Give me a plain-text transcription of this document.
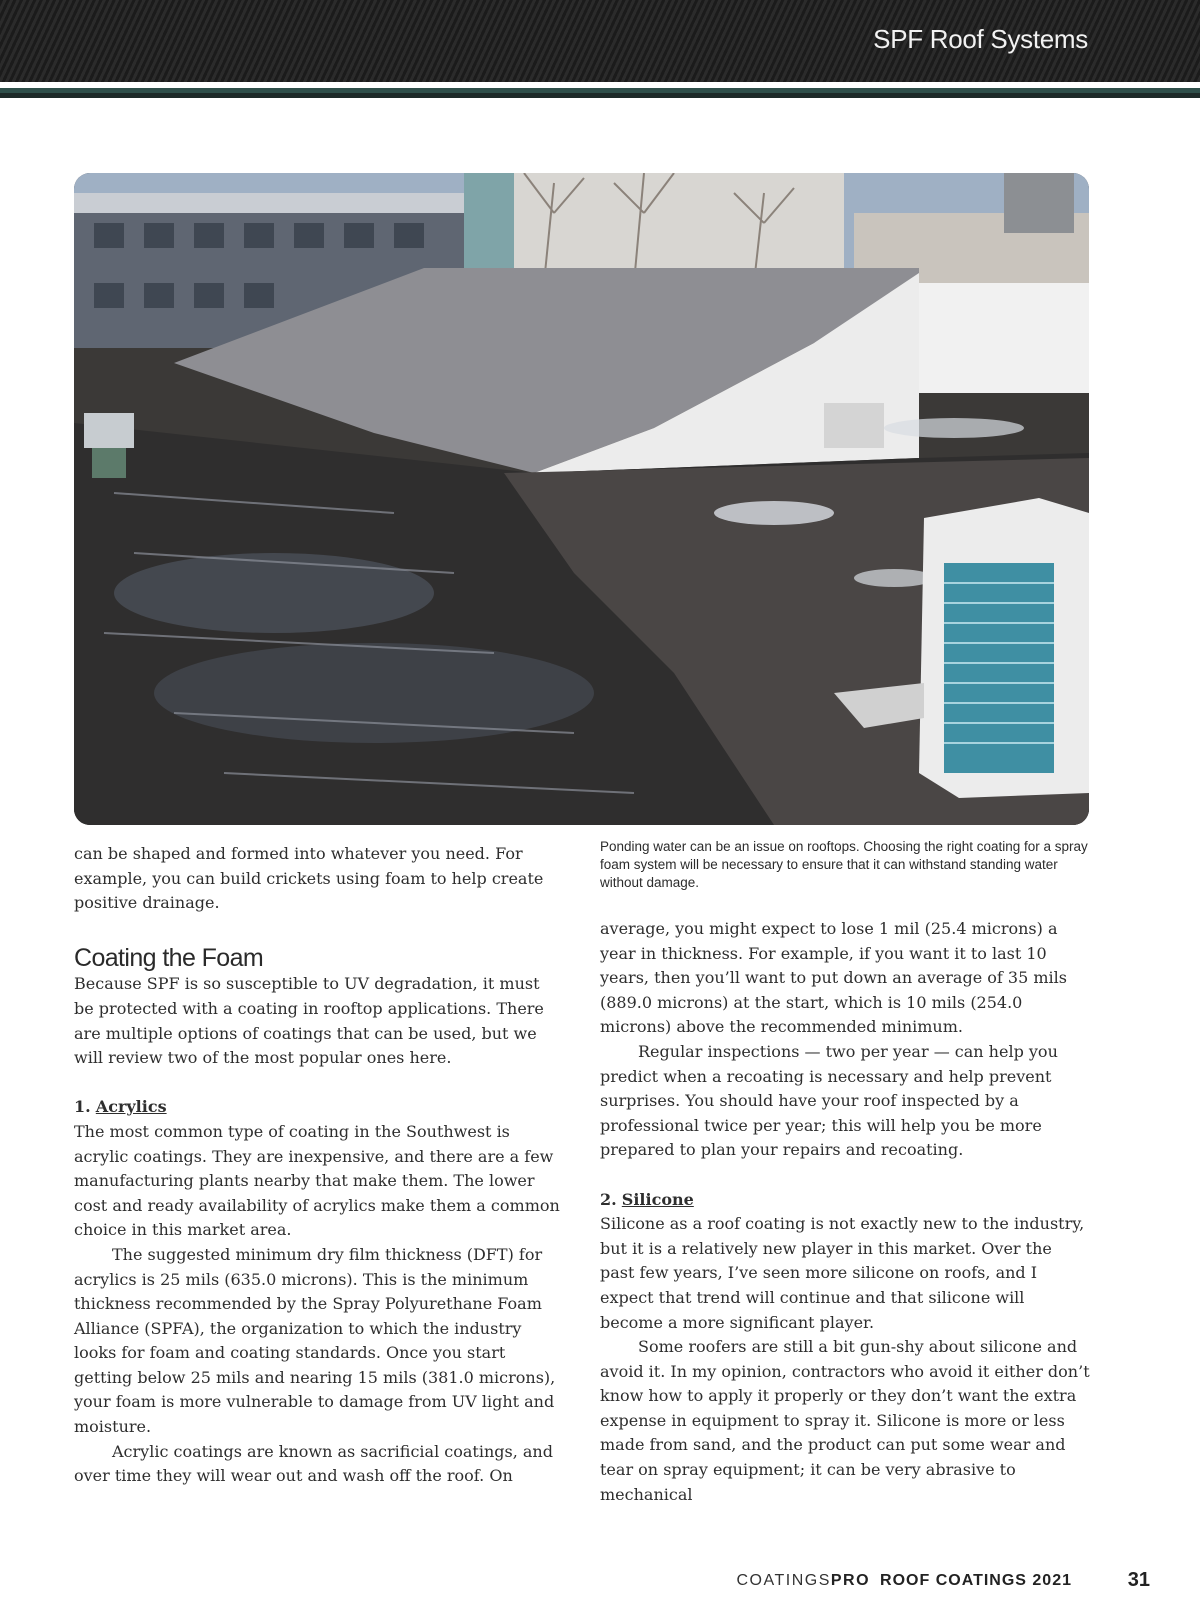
SPF Roof Systems
Ponding water can be an issue on rooftops. Choosing the right coating for a spray foam system will be necessary to ensure that it can withstand standing water without damage.

can be shaped and formed into whatever you need. For example, you can build crickets using foam to help create positive drainage.

Coating the Foam

Because SPF is so susceptible to UV degradation, it must be protected with a coating in rooftop applications. There are multiple options of coatings that can be used, but we will review two of the most popular ones here.

1. Acrylics

The most common type of coating in the Southwest is acrylic coatings. They are inexpensive, and there are a few manufacturing plants nearby that make them. The lower cost and ready availability of acrylics make them a common choice in this market area.

The suggested minimum dry film thickness (DFT) for acrylics is 25 mils (635.0 microns). This is the minimum thickness recommended by the Spray Polyurethane Foam Alliance (SPFA), the organization to which the industry looks for foam and coating standards. Once you start getting below 25 mils and nearing 15 mils (381.0 microns), your foam is more vulnerable to damage from UV light and moisture.

Acrylic coatings are known as sacrificial coatings, and over time they will wear out and wash off the roof. On

average, you might expect to lose 1 mil (25.4 microns) a year in thickness. For example, if you want it to last 10 years, then you’ll want to put down an average of 35 mils (889.0 microns) at the start, which is 10 mils (254.0 microns) above the recommended minimum.

Regular inspections — two per year — can help you predict when a recoating is necessary and help prevent surprises. You should have your roof inspected by a professional twice per year; this will help you be more prepared to plan your repairs and recoating.

2. Silicone

Silicone as a roof coating is not exactly new to the industry, but it is a relatively new player in this market. Over the past few years, I’ve seen more silicone on roofs, and I expect that trend will continue and that silicone will become a more significant player.

Some roofers are still a bit gun-shy about silicone and avoid it. In my opinion, contractors who avoid it either don’t know how to apply it properly or they don’t want the extra expense in equipment to spray it. Silicone is more or less made from sand, and the product can put some wear and tear on spray equipment; it can be very abrasive to mechanical

COATINGSPRO ROOF COATINGS 2021	31
